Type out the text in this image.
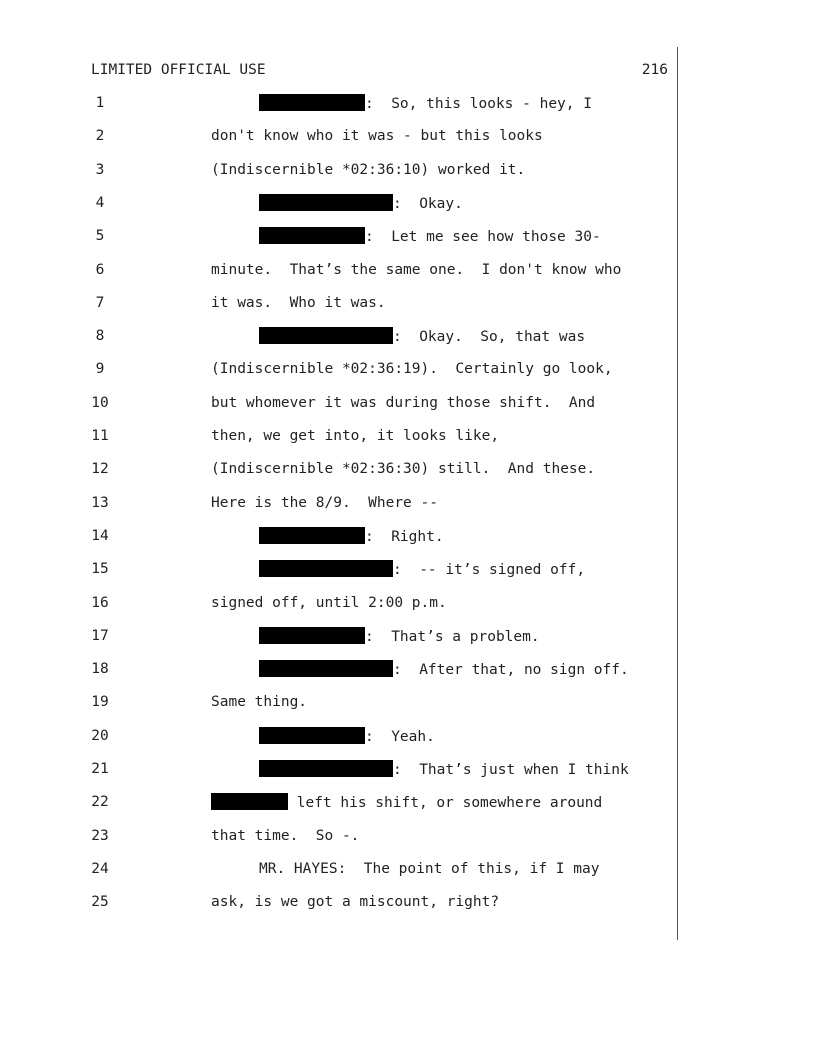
LIMITED OFFICIAL USE	216
1	:  So, this looks - hey, I
2	don't know who it was - but this looks
3	(Indiscernible *02:36:10) worked it.
4	:  Okay.
5	:  Let me see how those 30-
6	minute.  That’s the same one.  I don't know who
7	it was.  Who it was.
8	:  Okay.  So, that was
9	(Indiscernible *02:36:19).  Certainly go look,
10	but whomever it was during those shift.  And
11	then, we get into, it looks like,
12	(Indiscernible *02:36:30) still.  And these.
13	Here is the 8/9.  Where --
14	:  Right.
15	:  -- it’s signed off,
16	signed off, until 2:00 p.m.
17	:  That’s a problem.
18	:  After that, no sign off.
19	Same thing.
20	:  Yeah.
21	:  That’s just when I think
22	left his shift, or somewhere around
23	that time.  So -.
24	MR. HAYES:  The point of this, if I may
25	ask, is we got a miscount, right?
